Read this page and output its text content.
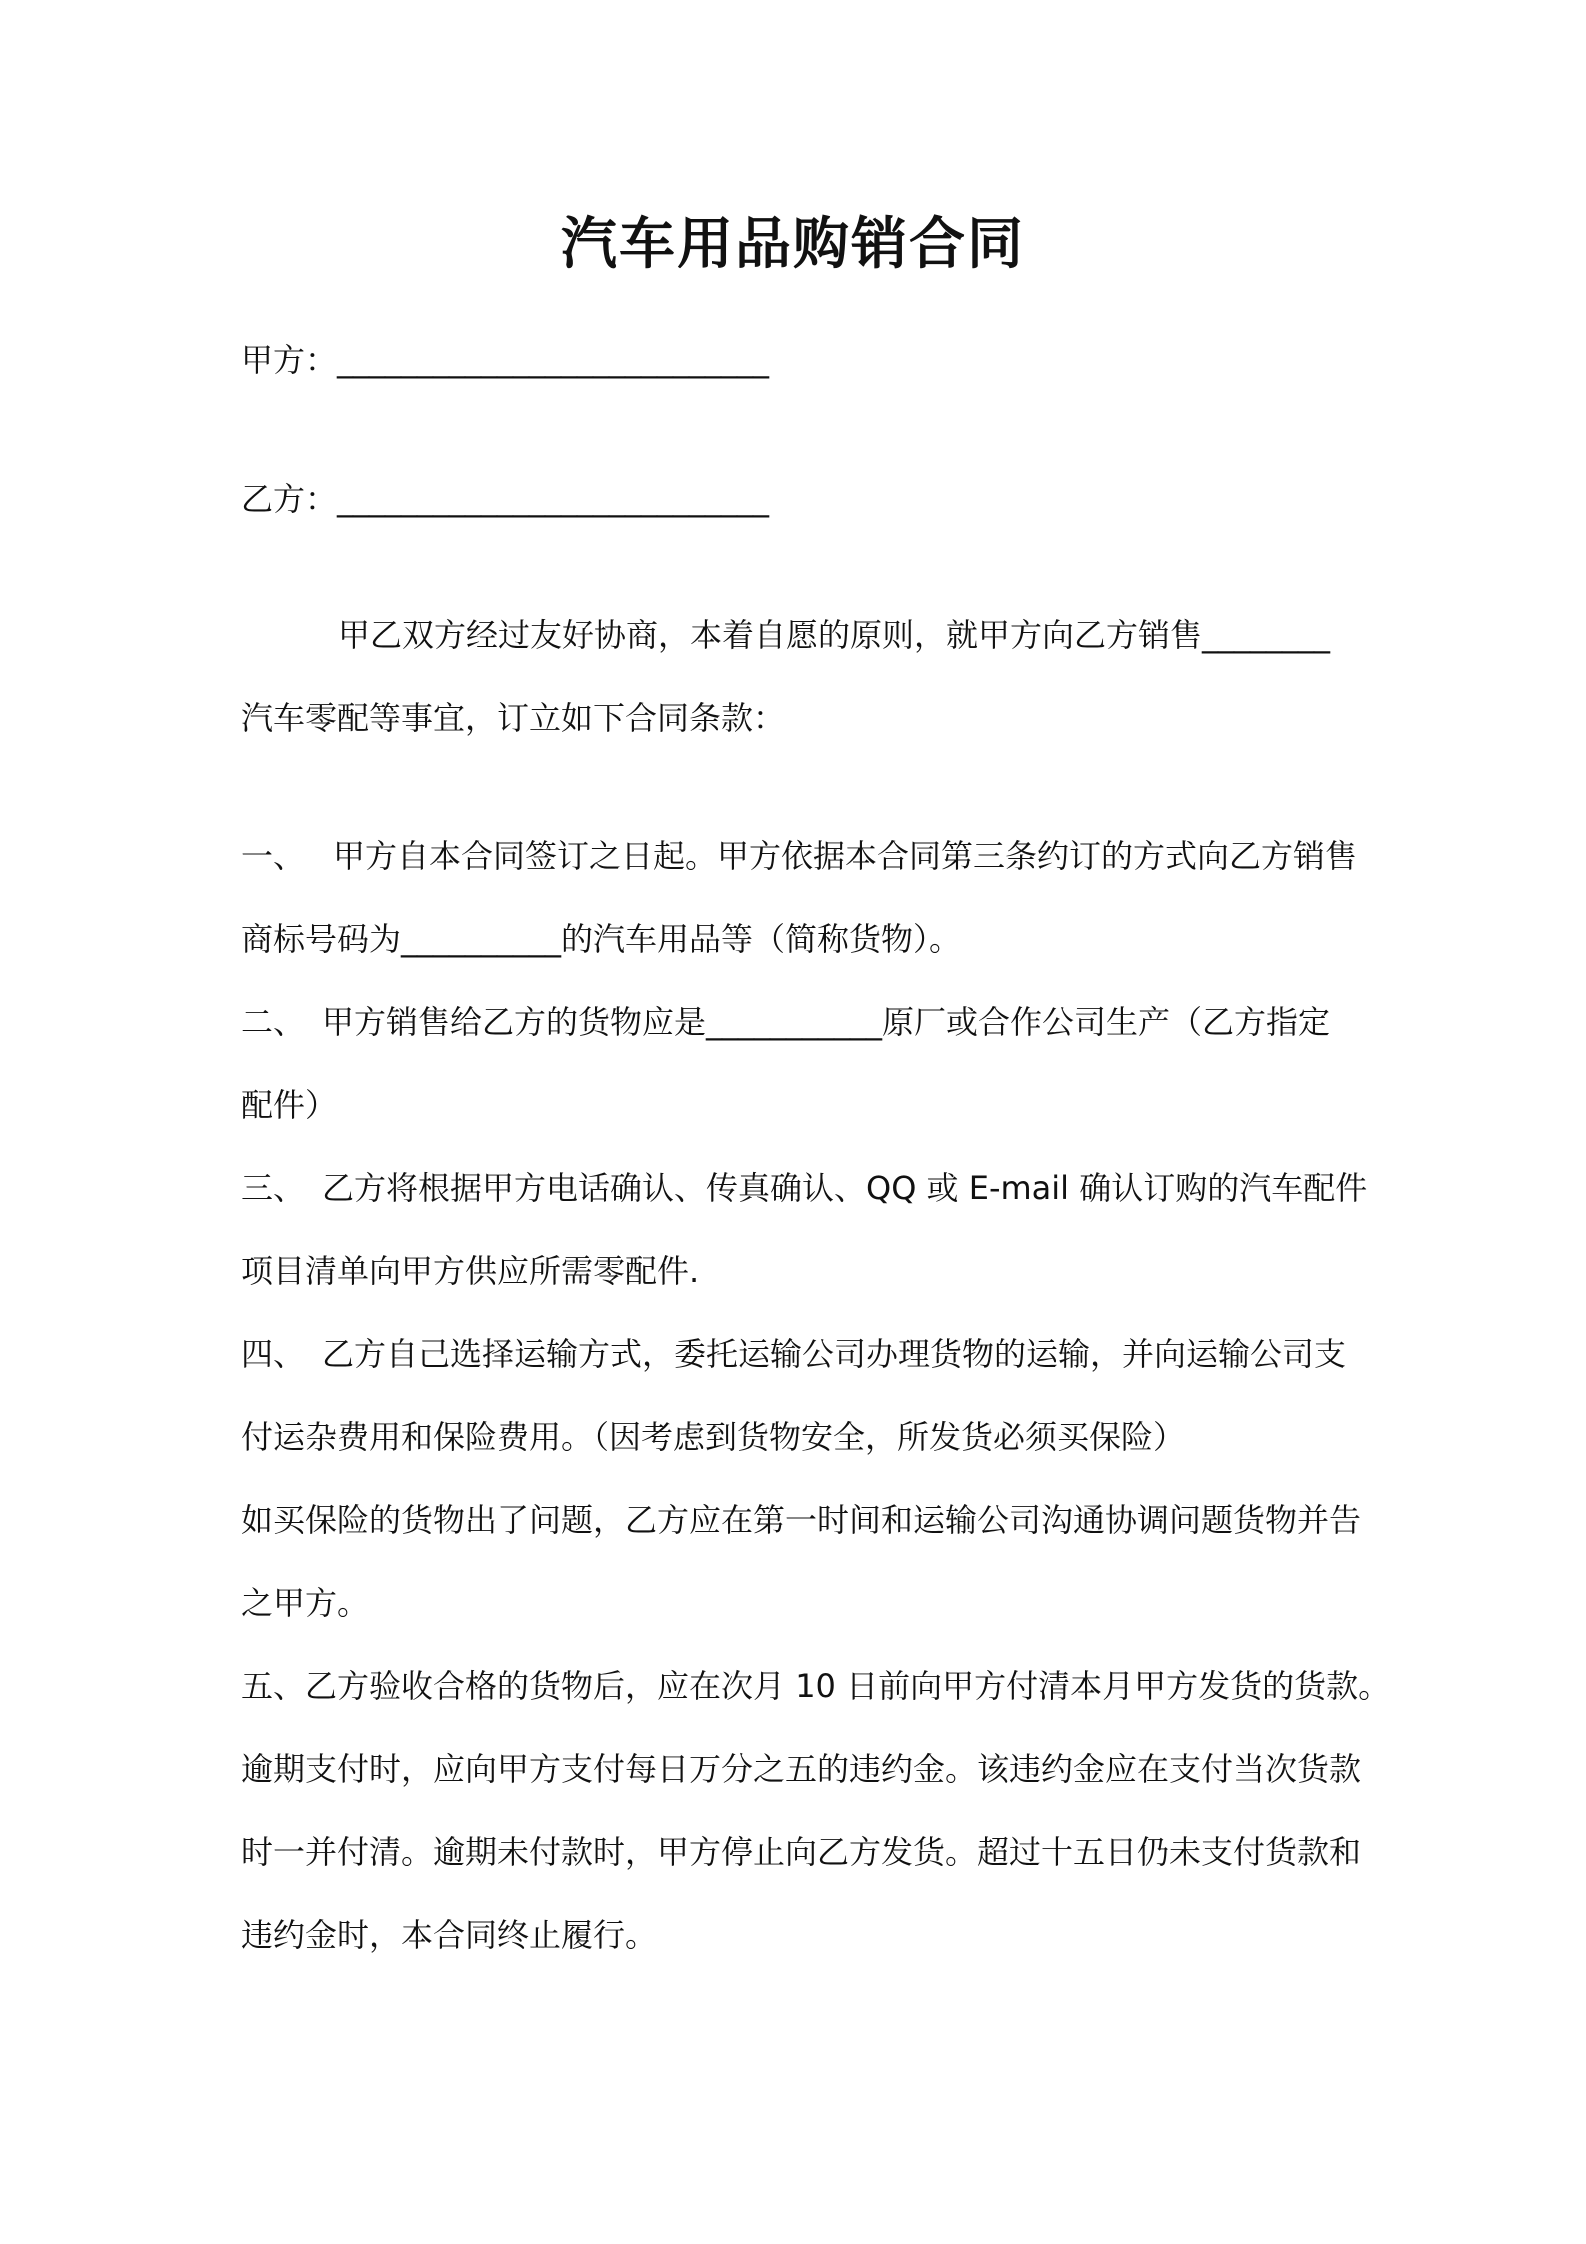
汽车用品购销合同
甲方：___________________________
乙方：___________________________
甲乙双方经过友好协商，本着自愿的原则，就甲方向乙方销售________
汽车零配等事宜，订立如下合同条款：
一、 甲方自本合同签订之日起。甲方依据本合同第三条约订的方式向乙方销售
商标号码为__________的汽车用品等（简称货物）。
二、 甲方销售给乙方的货物应是___________原厂或合作公司生产（乙方指定
配件）
三、 乙方将根据甲方电话确认、传真确认、QQ 或 E-mail 确认订购的汽车配件
项目清单向甲方供应所需零配件.
四、 乙方自己选择运输方式，委托运输公司办理货物的运输，并向运输公司支
付运杂费用和保险费用。（因考虑到货物安全，所发货必须买保险）
如买保险的货物出了问题，乙方应在第一时间和运输公司沟通协调问题货物并告
之甲方。
五、乙方验收合格的货物后，应在次月 10 日前向甲方付清本月甲方发货的货款。
逾期支付时，应向甲方支付每日万分之五的违约金。该违约金应在支付当次货款
时一并付清。逾期未付款时，甲方停止向乙方发货。超过十五日仍未支付货款和
违约金时，本合同终止履行。
